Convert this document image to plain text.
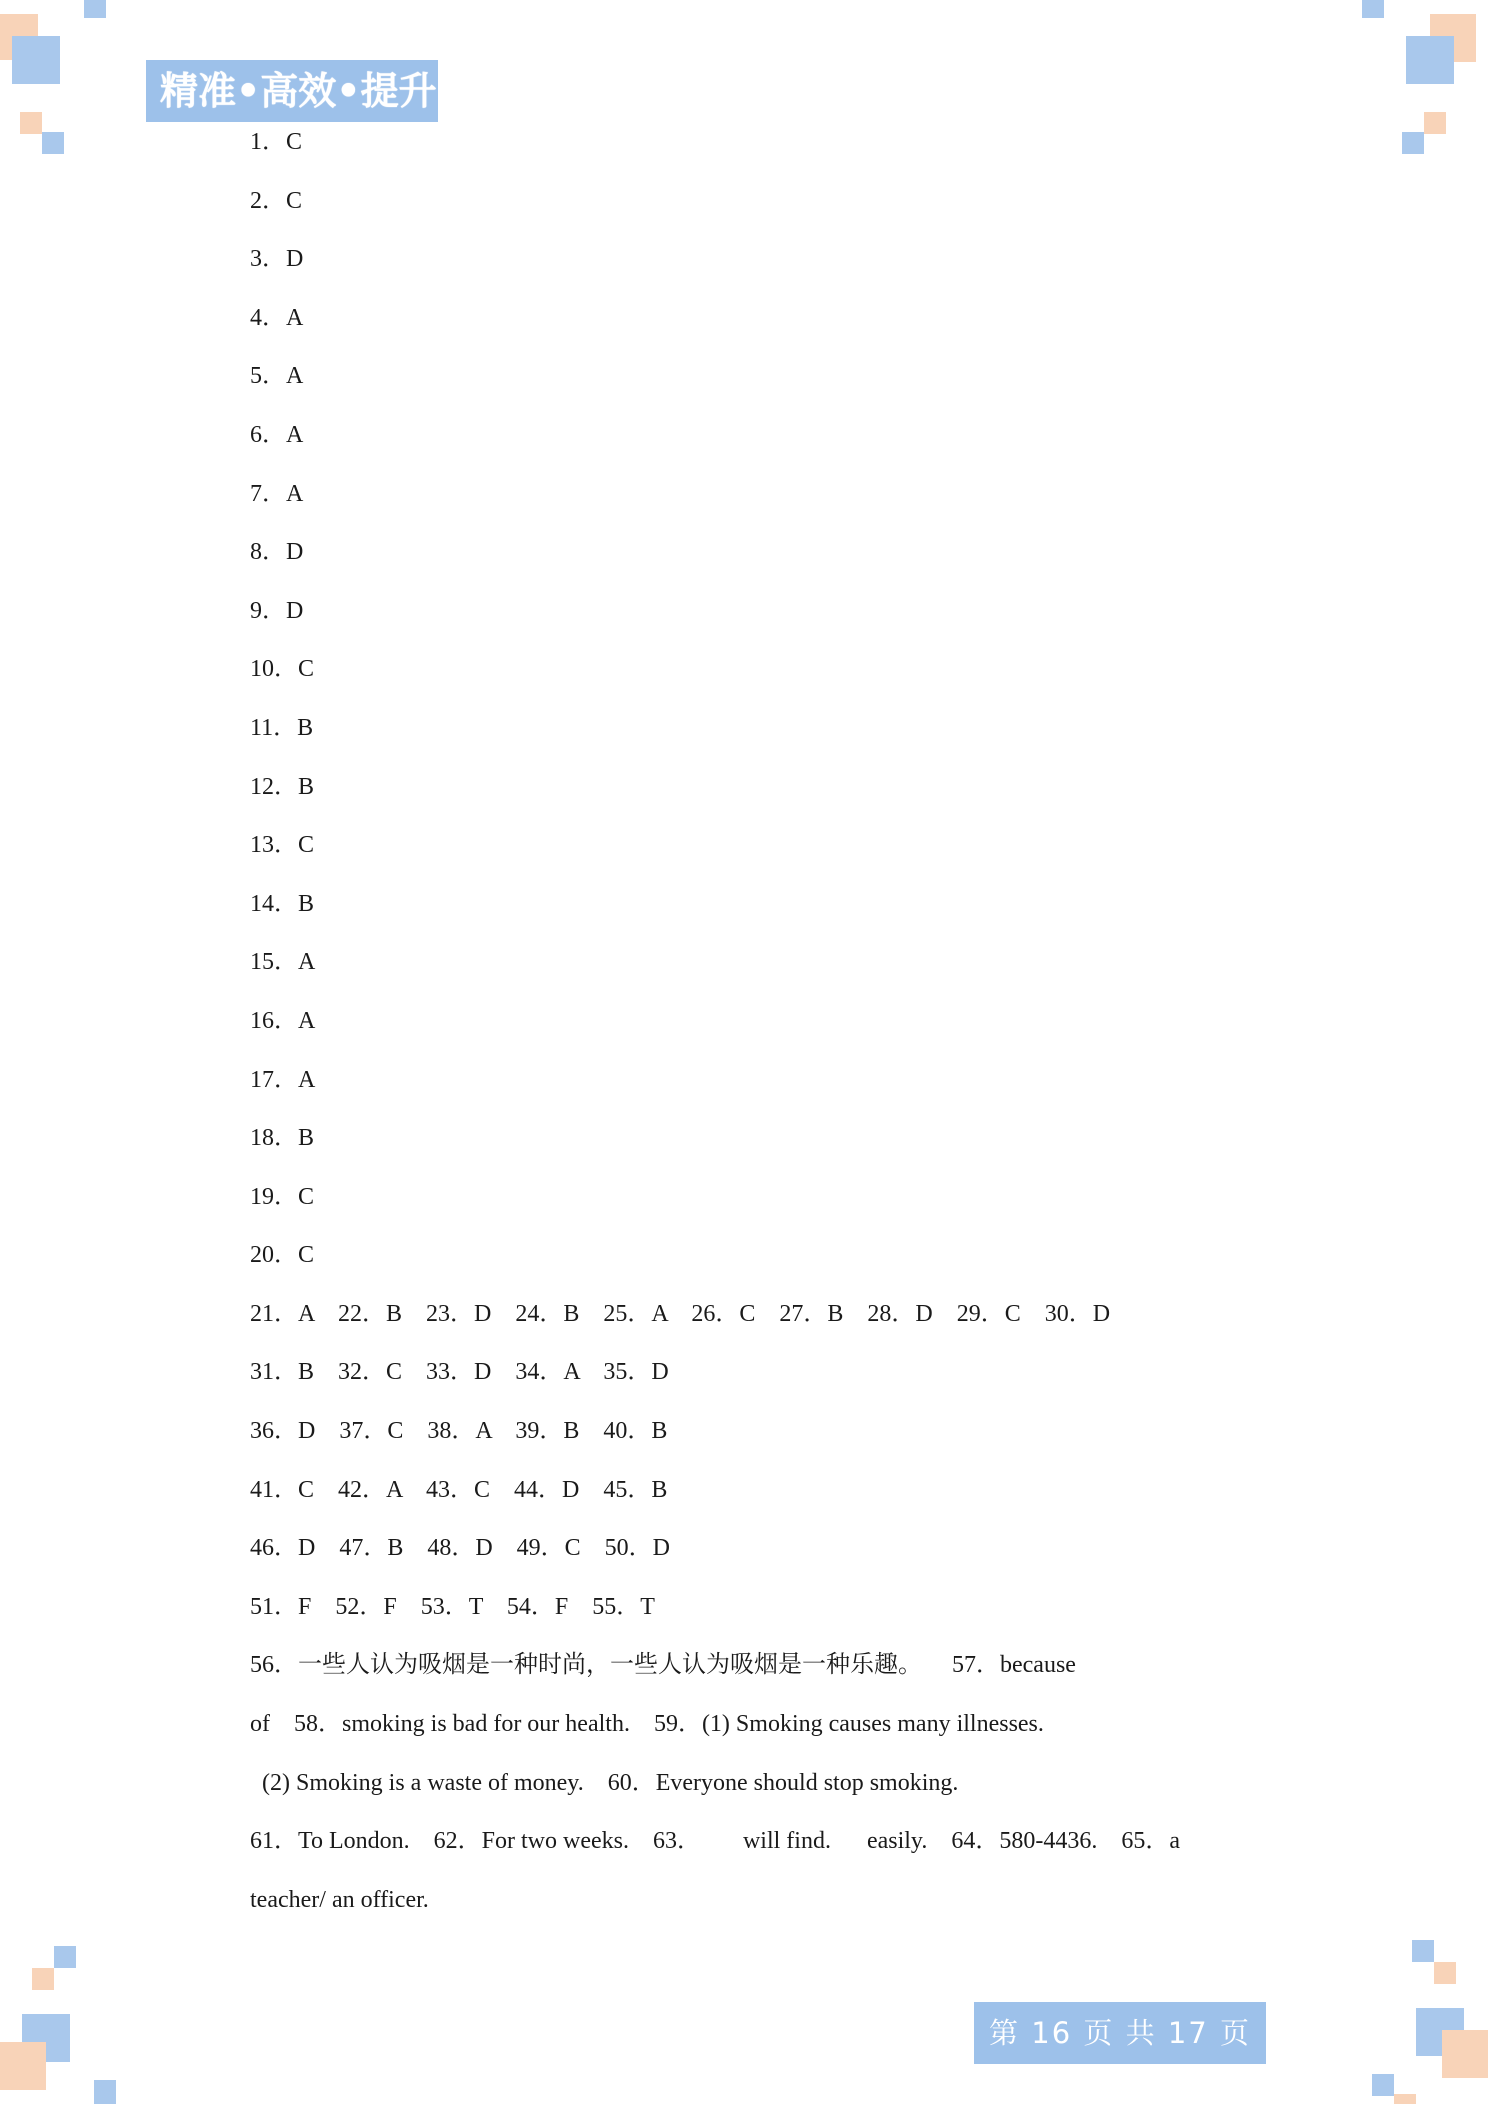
精准•高效•提升
1．C
2．C
3．D
4．A
5．A
6．A
7．A
8．D
9．D
10．C
11．B
12．B
13．C
14．B
15．A
16．A
17．A
18．B
19．C
20．C
21．A    22．B    23．D    24．B    25．A    26．C    27．B    28．D    29．C    30．D
31．B    32．C    33．D    34．A    35．D
36．D    37．C    38．A    39．B    40．B
41．C    42．A    43．C    44．D    45．B
46．D    47．B    48．D    49．C    50．D
51．F    52．F    53．T    54．F    55．T
56．一些人认为吸烟是一种时尚，一些人认为吸烟是一种乐趣。     57．because
of    58．smoking is bad for our health.    59．(1) Smoking causes many illnesses.
(2) Smoking is a waste of money.    60．Everyone should stop smoking.
61．To London.    62．For two weeks.    63．       will find.      easily.    64．580-4436.    65．a
teacher/ an officer.
第 16 页 共 17 页
